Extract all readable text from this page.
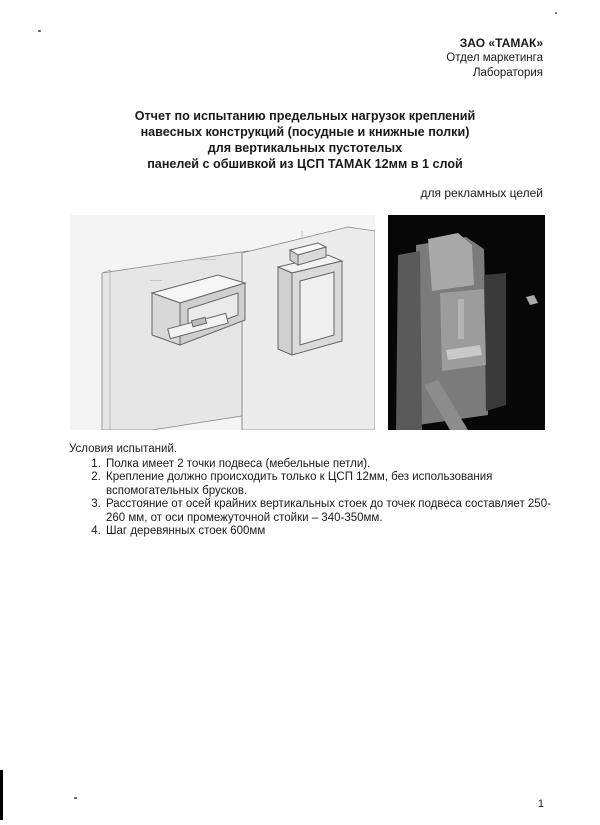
ЗАО «ТАМАК»
Отдел маркетинга
Лаборатория
Отчет по испытанию предельных нагрузок креплений
навесных конструкций (посудные и книжные полки)
для вертикальных пустотелых
панелей с обшивкой из ЦСП ТАМАК 12мм в 1 слой
для рекламных целей
———
————
Условия испытаний.
1. Полка имеет 2 точки подвеса (мебельные петли).
2. Крепление должно происходить только к ЦСП 12мм, без использования вспомогательных брусков.
3. Расстояние от осей крайних вертикальных стоек до точек подвеса составляет 250-260 мм, от оси промежуточной стойки – 340-350мм.
4. Шаг деревянных стоек 600мм
1
